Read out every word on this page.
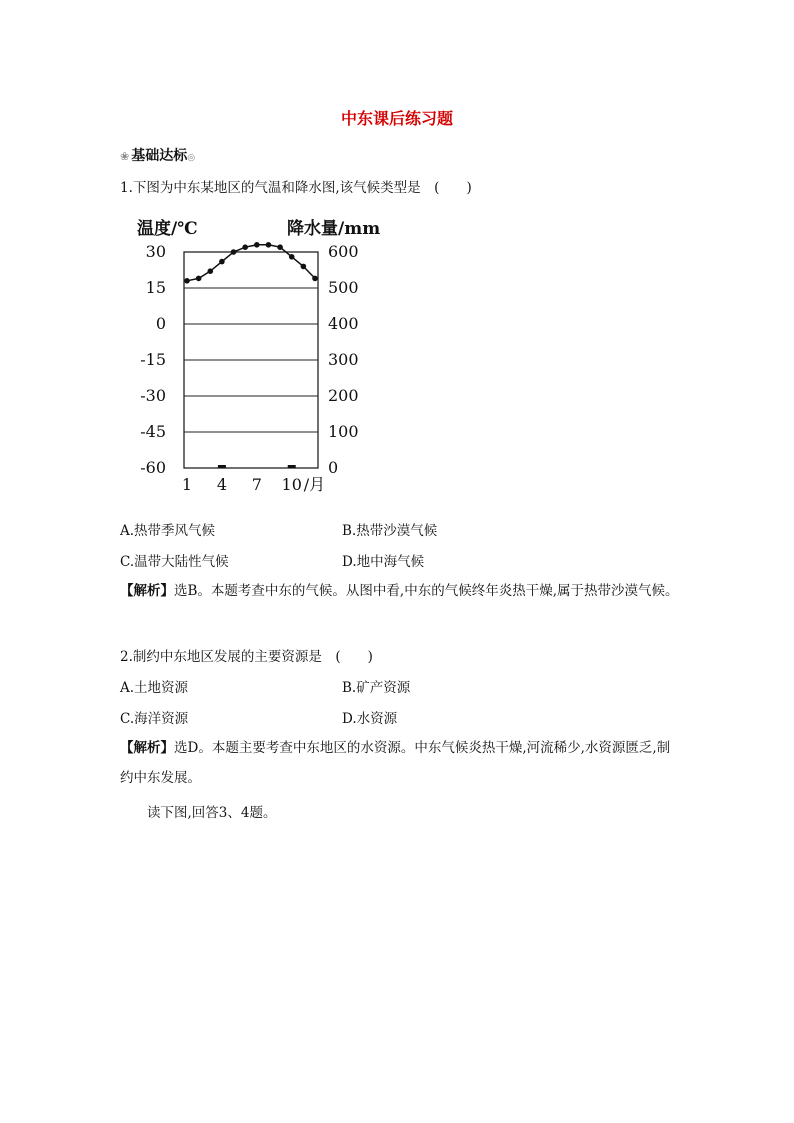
中东课后练习题
❀ 基础达标◎
1.下图为中东某地区的气温和降水图,该气候类型是　(　　)
30
15
0
-15
-30
-45
-60
600
500
400
300
200
100
0
温度/℃	降水量/mm
1 4 7 10 /月
A.热带季风气候	B.热带沙漠气候
C.温带大陆性气候	D.地中海气候
【解析】选B。本题考查中东的气候。从图中看,中东的气候终年炎热干燥,属于热带沙漠气候。
2.制约中东地区发展的主要资源是　(　　)
A.土地资源	B.矿产资源
C.海洋资源	D.水资源
【解析】选D。本题主要考查中东地区的水资源。中东气候炎热干燥,河流稀少,水资源匮乏,制约中东发展。
读下图,回答3、4题。
